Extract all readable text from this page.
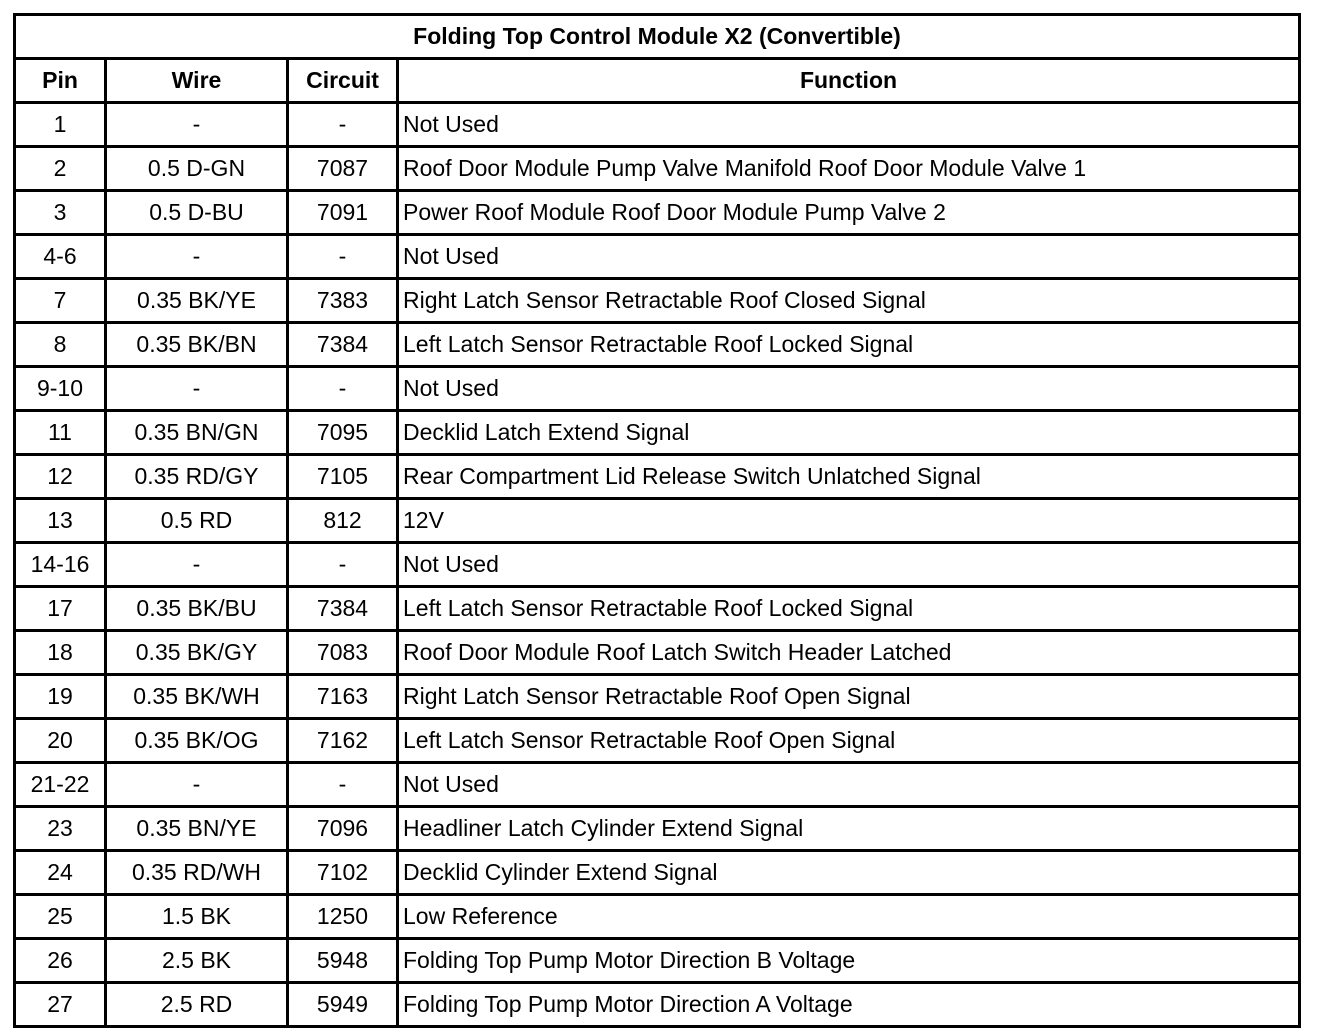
Folding Top Control Module X2 (Convertible)			
Pin	Wire	Circuit	Function
1	-	-	Not Used
2	0.5 D-GN	7087	Roof Door Module Pump Valve Manifold Roof Door Module Valve 1
3	0.5 D-BU	7091	Power Roof Module Roof Door Module Pump Valve 2
4-6	-	-	Not Used
7	0.35 BK/YE	7383	Right Latch Sensor Retractable Roof Closed Signal
8	0.35 BK/BN	7384	Left Latch Sensor Retractable Roof Locked Signal
9-10	-	-	Not Used
11	0.35 BN/GN	7095	Decklid Latch Extend Signal
12	0.35 RD/GY	7105	Rear Compartment Lid Release Switch Unlatched Signal
13	0.5 RD	812	12V
14-16	-	-	Not Used
17	0.35 BK/BU	7384	Left Latch Sensor Retractable Roof Locked Signal
18	0.35 BK/GY	7083	Roof Door Module Roof Latch Switch Header Latched
19	0.35 BK/WH	7163	Right Latch Sensor Retractable Roof Open Signal
20	0.35 BK/OG	7162	Left Latch Sensor Retractable Roof Open Signal
21-22	-	-	Not Used
23	0.35 BN/YE	7096	Headliner Latch Cylinder Extend Signal
24	0.35 RD/WH	7102	Decklid Cylinder Extend Signal
25	1.5 BK	1250	Low Reference
26	2.5 BK	5948	Folding Top Pump Motor Direction B Voltage
27	2.5 RD	5949	Folding Top Pump Motor Direction A Voltage
